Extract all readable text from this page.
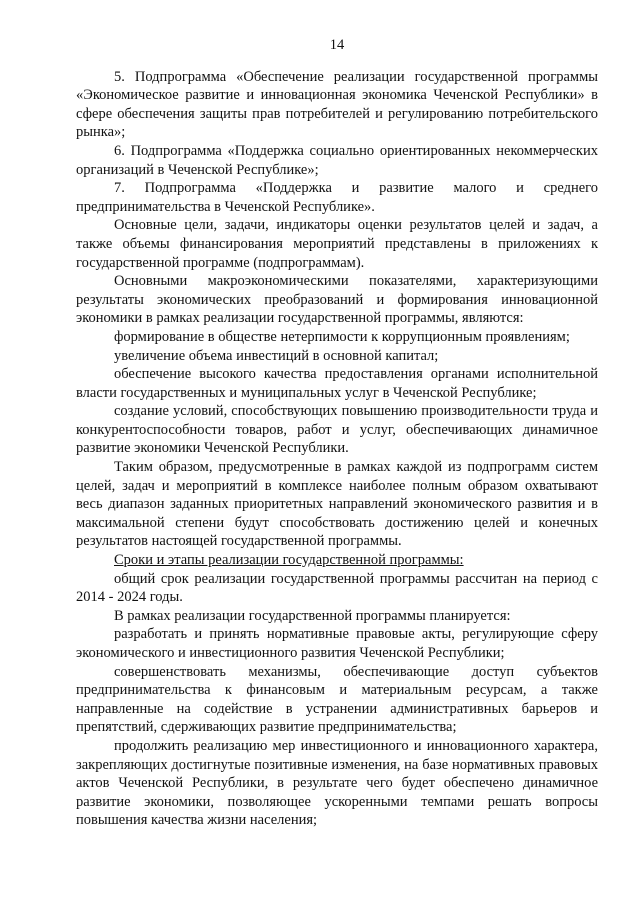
14

5. Подпрограмма «Обеспечение реализации государственной программы «Экономическое развитие и инновационная экономика Чеченской Республики» в сфере обеспечения защиты прав потребителей и регулированию потребительского рынка»;

6. Подпрограмма «Поддержка социально ориентированных некоммерческих организаций в Чеченской Республике»;

7. Подпрограмма «Поддержка и развитие малого и среднего предпринимательства в Чеченской Республике».

Основные цели, задачи, индикаторы оценки результатов целей и задач, а также объемы финансирования мероприятий представлены в приложениях к государственной программе (подпрограммам).

Основными макроэкономическими показателями, характеризующими результаты экономических преобразований и формирования инновационной экономики в рамках реализации государственной программы, являются:

формирование в обществе нетерпимости к коррупционным проявлениям;

увеличение объема инвестиций в основной капитал;

обеспечение высокого качества предоставления органами исполнительной власти государственных и муниципальных услуг в Чеченской Республике;

создание условий, способствующих повышению производительности труда и конкурентоспособности товаров, работ и услуг, обеспечивающих динамичное развитие экономики Чеченской Республики.

Таким образом, предусмотренные в рамках каждой из подпрограмм систем целей, задач и мероприятий в комплексе наиболее полным образом охватывают весь диапазон заданных приоритетных направлений экономического развития и в максимальной степени будут способствовать достижению целей и конечных результатов настоящей государственной программы.

Сроки и этапы реализации государственной программы:

общий срок реализации государственной программы рассчитан на период с 2014 - 2024 годы.

В рамках реализации государственной программы планируется:

разработать и принять нормативные правовые акты, регулирующие сферу экономического и инвестиционного развития Чеченской Республики;

совершенствовать механизмы, обеспечивающие доступ субъектов предпринимательства к финансовым и материальным ресурсам, а также направленные на содействие в устранении административных барьеров и препятствий, сдерживающих развитие предпринимательства;

продолжить реализацию мер инвестиционного и инновационного характера, закрепляющих достигнутые позитивные изменения, на базе нормативных правовых актов Чеченской Республики, в результате чего будет обеспечено динамичное развитие экономики, позволяющее ускоренными темпами решать вопросы повышения качества жизни населения;
